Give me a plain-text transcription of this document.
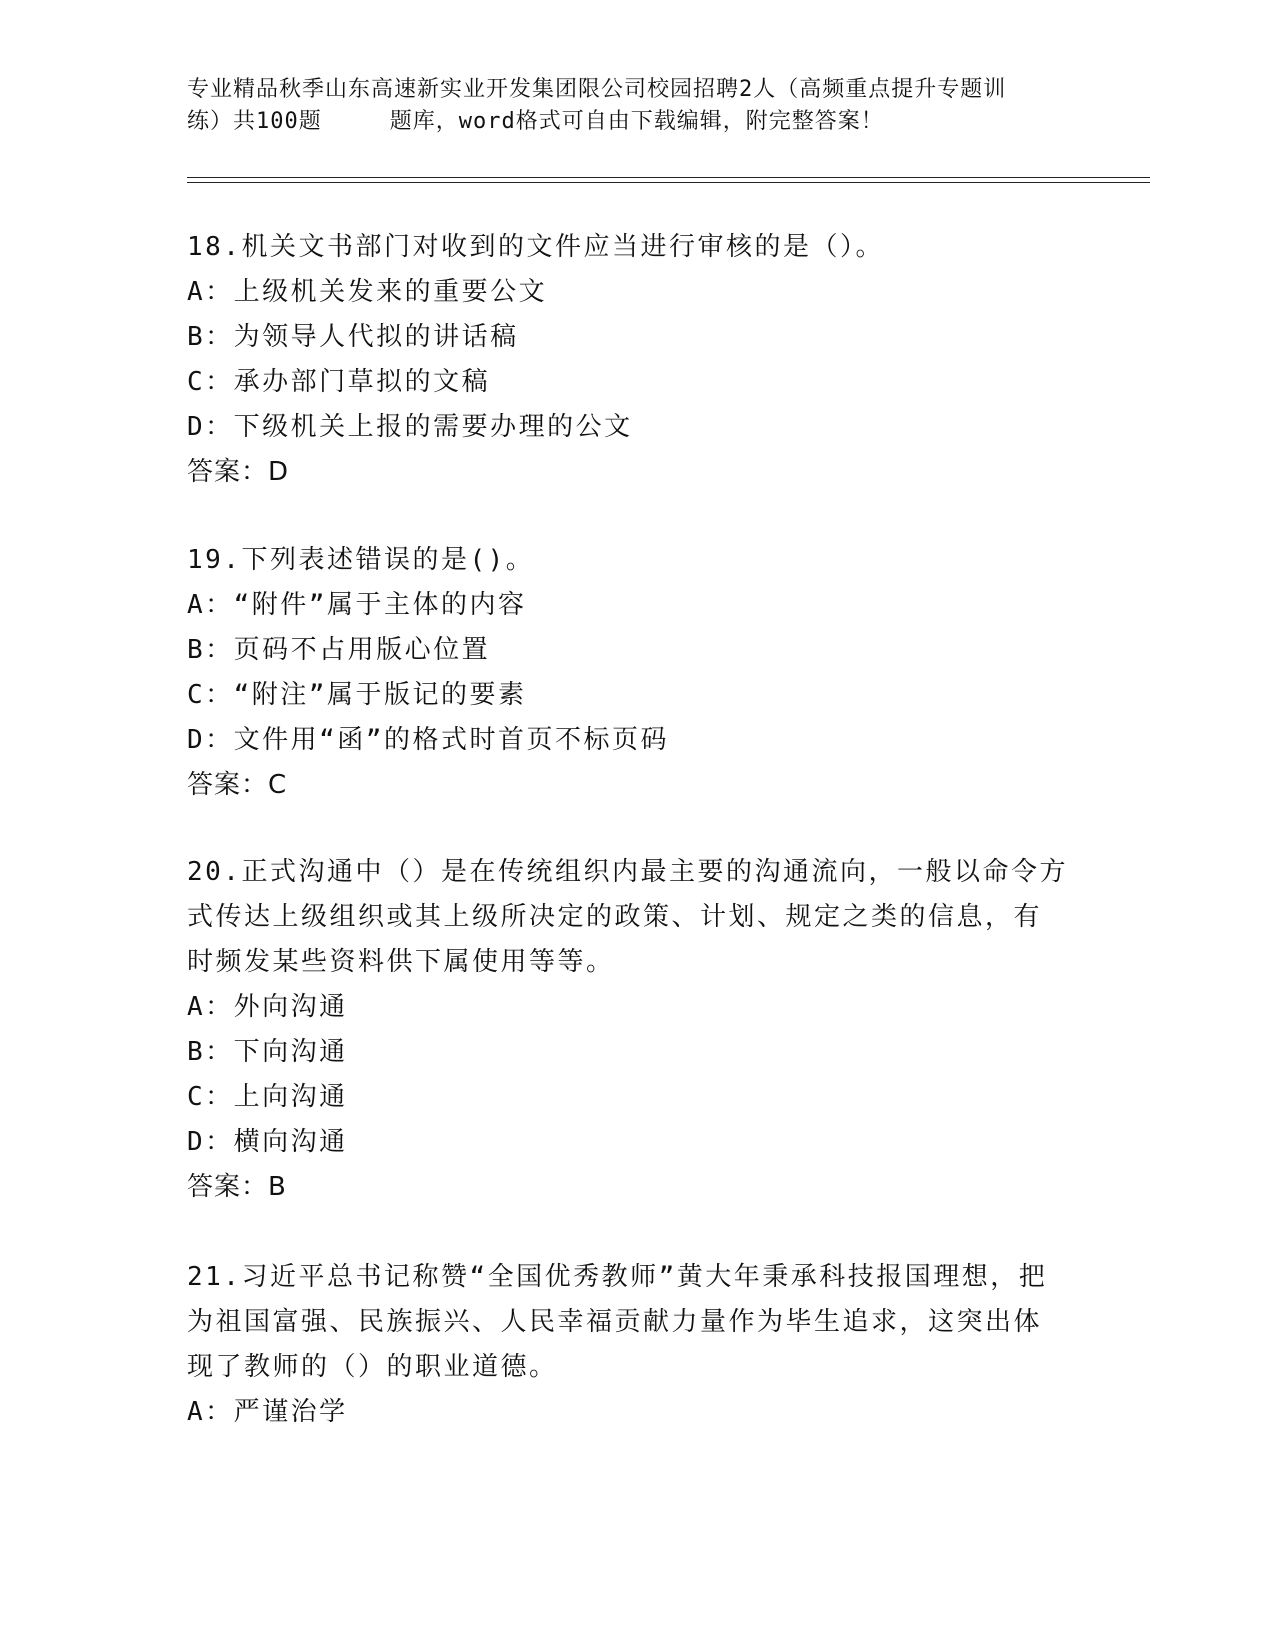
专业精品秋季山东高速新实业开发集团限公司校园招聘2人（高频重点提升专题训
练）共100题	题库，word格式可自由下载编辑，附完整答案！

18.机关文书部门对收到的文件应当进行审核的是（）。

A：上级机关发来的重要公文
B：为领导人代拟的讲话稿
C：承办部门草拟的文稿
D：下级机关上报的需要办理的公文
答案：D

19.下列表述错误的是()。

A：“附件”属于主体的内容
B：页码不占用版心位置
C：“附注”属于版记的要素
D：文件用“函”的格式时首页不标页码
答案：C

20.正式沟通中（）是在传统组织内最主要的沟通流向，一般以命令方
式传达上级组织或其上级所决定的政策、计划、规定之类的信息，有
时频发某些资料供下属使用等等。

A：外向沟通
B：下向沟通
C：上向沟通
D：横向沟通
答案：B

21.习近平总书记称赞“全国优秀教师”黄大年秉承科技报国理想，把
为祖国富强、民族振兴、人民幸福贡献力量作为毕生追求，这突出体
现了教师的（）的职业道德。

A：严谨治学
